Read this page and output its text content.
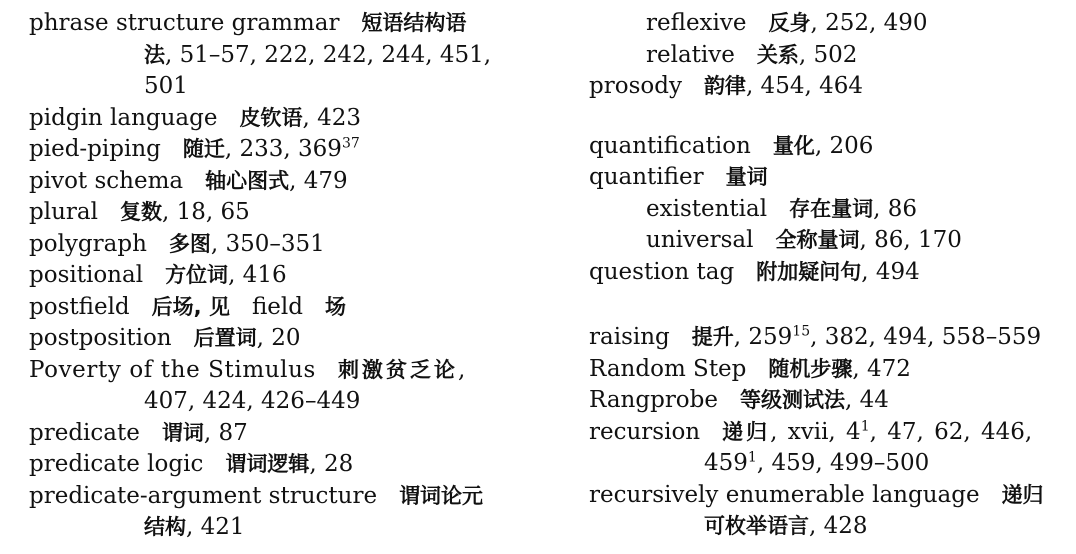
phrase structure grammar 短语结构语

法, 51–57, 222, 242, 244, 451,

501

pidgin language 皮钦语, 423

pied-piping 随迁, 233, $369^{37}$

pivot schema 轴心图式, 479

plural 复数, 18, 65

polygraph 多图, 350–351

positional 方位词, 416

postfield 后场, 见 field 场

postposition 后置词, 20

Poverty of the Stimulus 刺激贫乏论,

407, 424, 426–449

predicate 谓词, 87

predicate logic 谓词逻辑, 28

predicate-argument structure 谓词论元

结构, 421

reflexive 反身, 252, 490

relative 关系, 502

prosody 韵律, 454, 464

quantification 量化, 206

quantifier 量词

existential 存在量词, 86

universal 全称量词, 86, 170

question tag 附加疑问句, 494

raising 提升, $259^{15}$, 382, 494, 558–559

Random Step 随机步骤, 472

Rangprobe 等级测试法, 44

recursion 递归, xvii, $4^1$, 47, 62, 446,

$459^1$, 459, 499–500

recursively enumerable language 递归

可枚举语言, 428
